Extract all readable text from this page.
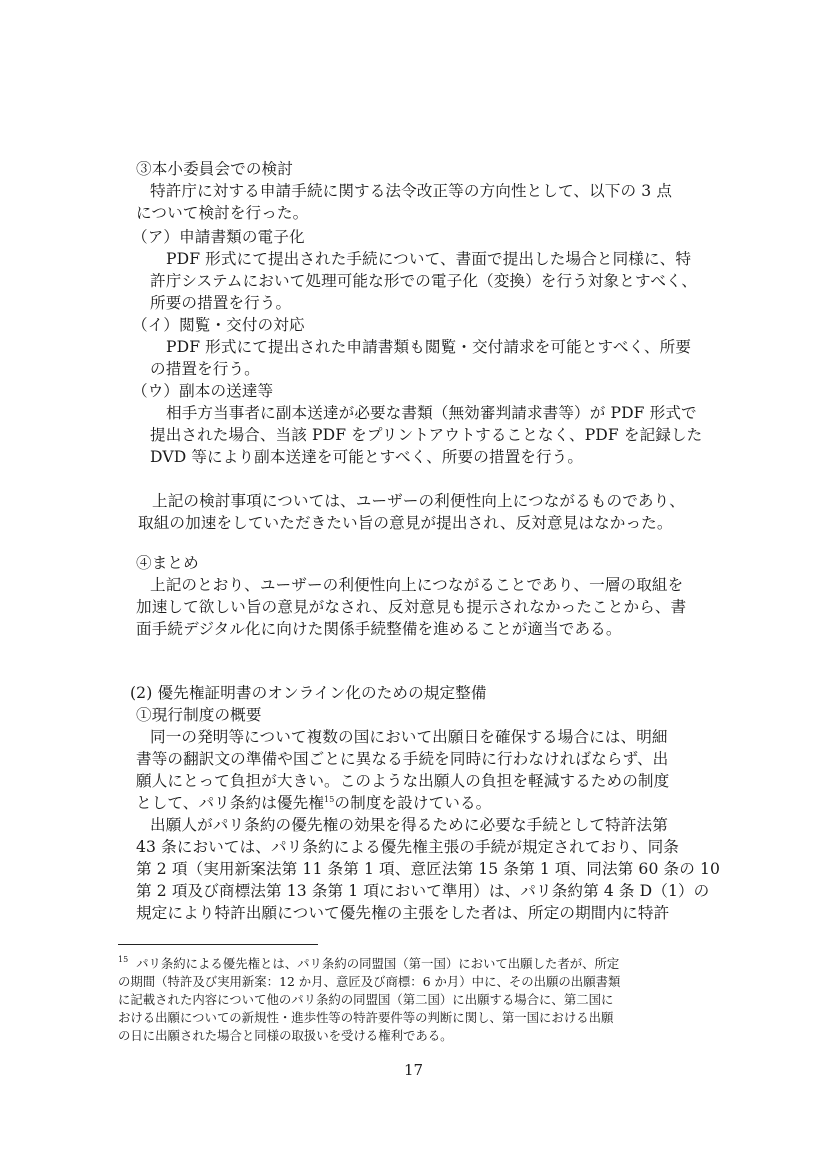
③本小委員会での検討
特許庁に対する申請手続に関する法令改正等の方向性として、以下の 3 点
について検討を行った。
（ア）申請書類の電子化
PDF 形式にて提出された手続について、書面で提出した場合と同様に、特
許庁システムにおいて処理可能な形での電子化（変換）を行う対象とすべく、
所要の措置を行う。
（イ）閲覧・交付の対応
PDF 形式にて提出された申請書類も閲覧・交付請求を可能とすべく、所要
の措置を行う。
（ウ）副本の送達等
相手方当事者に副本送達が必要な書類（無効審判請求書等）が PDF 形式で
提出された場合、当該 PDF をプリントアウトすることなく、PDF を記録した
DVD 等により副本送達を可能とすべく、所要の措置を行う。
上記の検討事項については、ユーザーの利便性向上につながるものであり、
取組の加速をしていただきたい旨の意見が提出され、反対意見はなかった。
④まとめ
上記のとおり、ユーザーの利便性向上につながることであり、一層の取組を
加速して欲しい旨の意見がなされ、反対意見も提示されなかったことから、書
面手続デジタル化に向けた関係手続整備を進めることが適当である。
(2) 優先権証明書のオンライン化のための規定整備
①現行制度の概要
同一の発明等について複数の国において出願日を確保する場合には、明細
書等の翻訳文の準備や国ごとに異なる手続を同時に行わなければならず、出
願人にとって負担が大きい。このような出願人の負担を軽減するための制度
として、パリ条約は優先権$^{15}$の制度を設けている。
出願人がパリ条約の優先権の効果を得るために必要な手続として特許法第
43 条においては、パリ条約による優先権主張の手続が規定されており、同条
第 2 項（実用新案法第 11 条第 1 項、意匠法第 15 条第 1 項、同法第 60 条の 10
第 2 項及び商標法第 13 条第 1 項において準用）は、パリ条約第 4 条 D（1）の
規定により特許出願について優先権の主張をした者は、所定の期間内に特許
$^{15}$ パリ条約による優先権とは、パリ条約の同盟国（第一国）において出願した者が、所定
の期間（特許及び実用新案：12 か月、意匠及び商標：6 か月）中に、その出願の出願書類
に記載された内容について他のパリ条約の同盟国（第二国）に出願する場合に、第二国に
おける出願についての新規性・進歩性等の特許要件等の判断に関し、第一国における出願
の日に出願された場合と同様の取扱いを受ける権利である。
17
